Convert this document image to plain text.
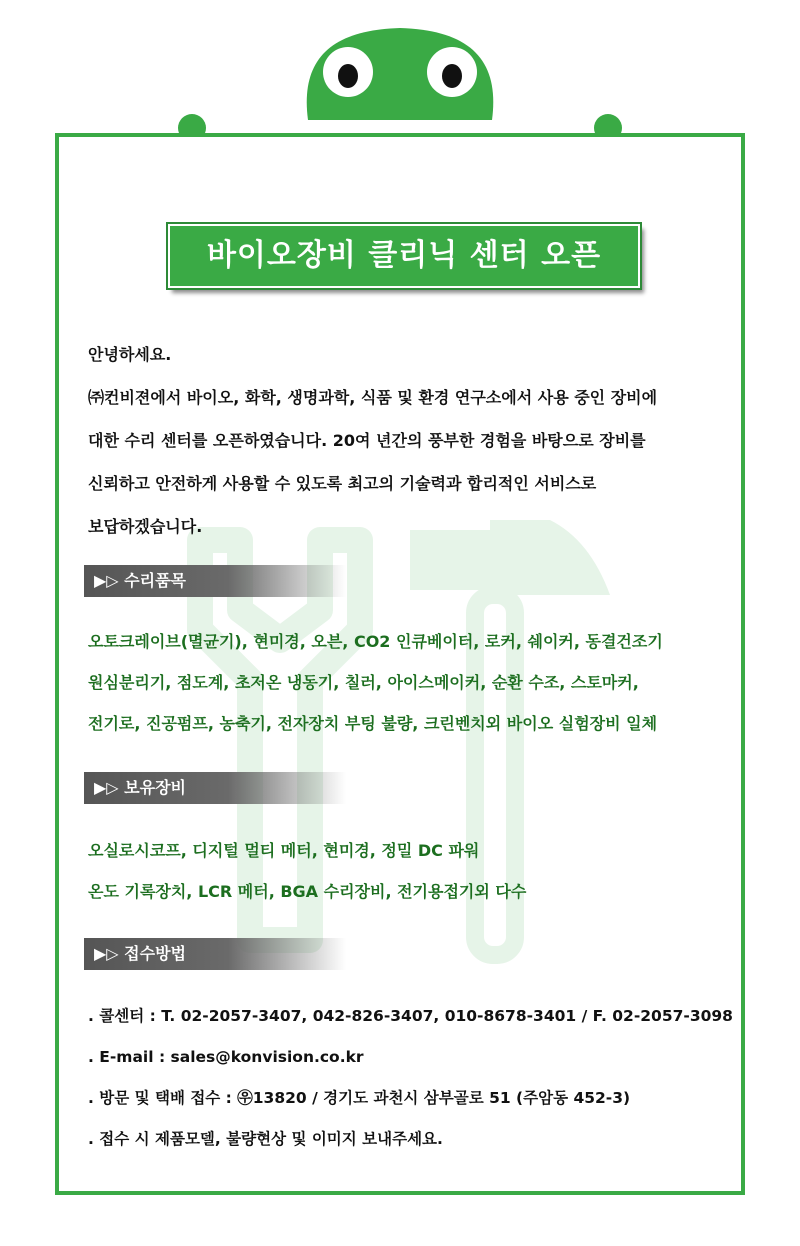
바이오장비 클리닉 센터 오픈

안녕하세요.

㈜컨비젼에서 바이오, 화학, 생명과학, 식품 및 환경 연구소에서 사용 중인 장비에

대한 수리 센터를 오픈하였습니다. 20여 년간의 풍부한 경험을 바탕으로 장비를

신뢰하고 안전하게 사용할 수 있도록 최고의 기술력과 합리적인 서비스로

보답하겠습니다.

▶▷ 수리품목

오토크레이브(멸균기), 현미경, 오븐, CO2 인큐베이터, 로커, 쉐이커, 동결건조기

원심분리기, 점도계, 초저온 냉동기, 칠러, 아이스메이커, 순환 수조, 스토마커,

전기로, 진공펌프, 농축기, 전자장치 부팅 불량, 크린벤치외 바이오 실험장비 일체

▶▷ 보유장비

오실로시코프, 디지털 멀티 메터, 현미경, 정밀 DC 파워

온도 기록장치, LCR 메터, BGA 수리장비, 전기용접기외 다수

▶▷ 접수방법

. 콜센터 : T. 02-2057-3407, 042-826-3407, 010-8678-3401 / F. 02-2057-3098

. E-mail : sales@konvision.co.kr

. 방문 및 택배 접수 : ㉾13820 / 경기도 과천시 삼부골로 51 (주암동 452-3)

. 접수 시 제품모델, 불량현상 및 이미지 보내주세요.
